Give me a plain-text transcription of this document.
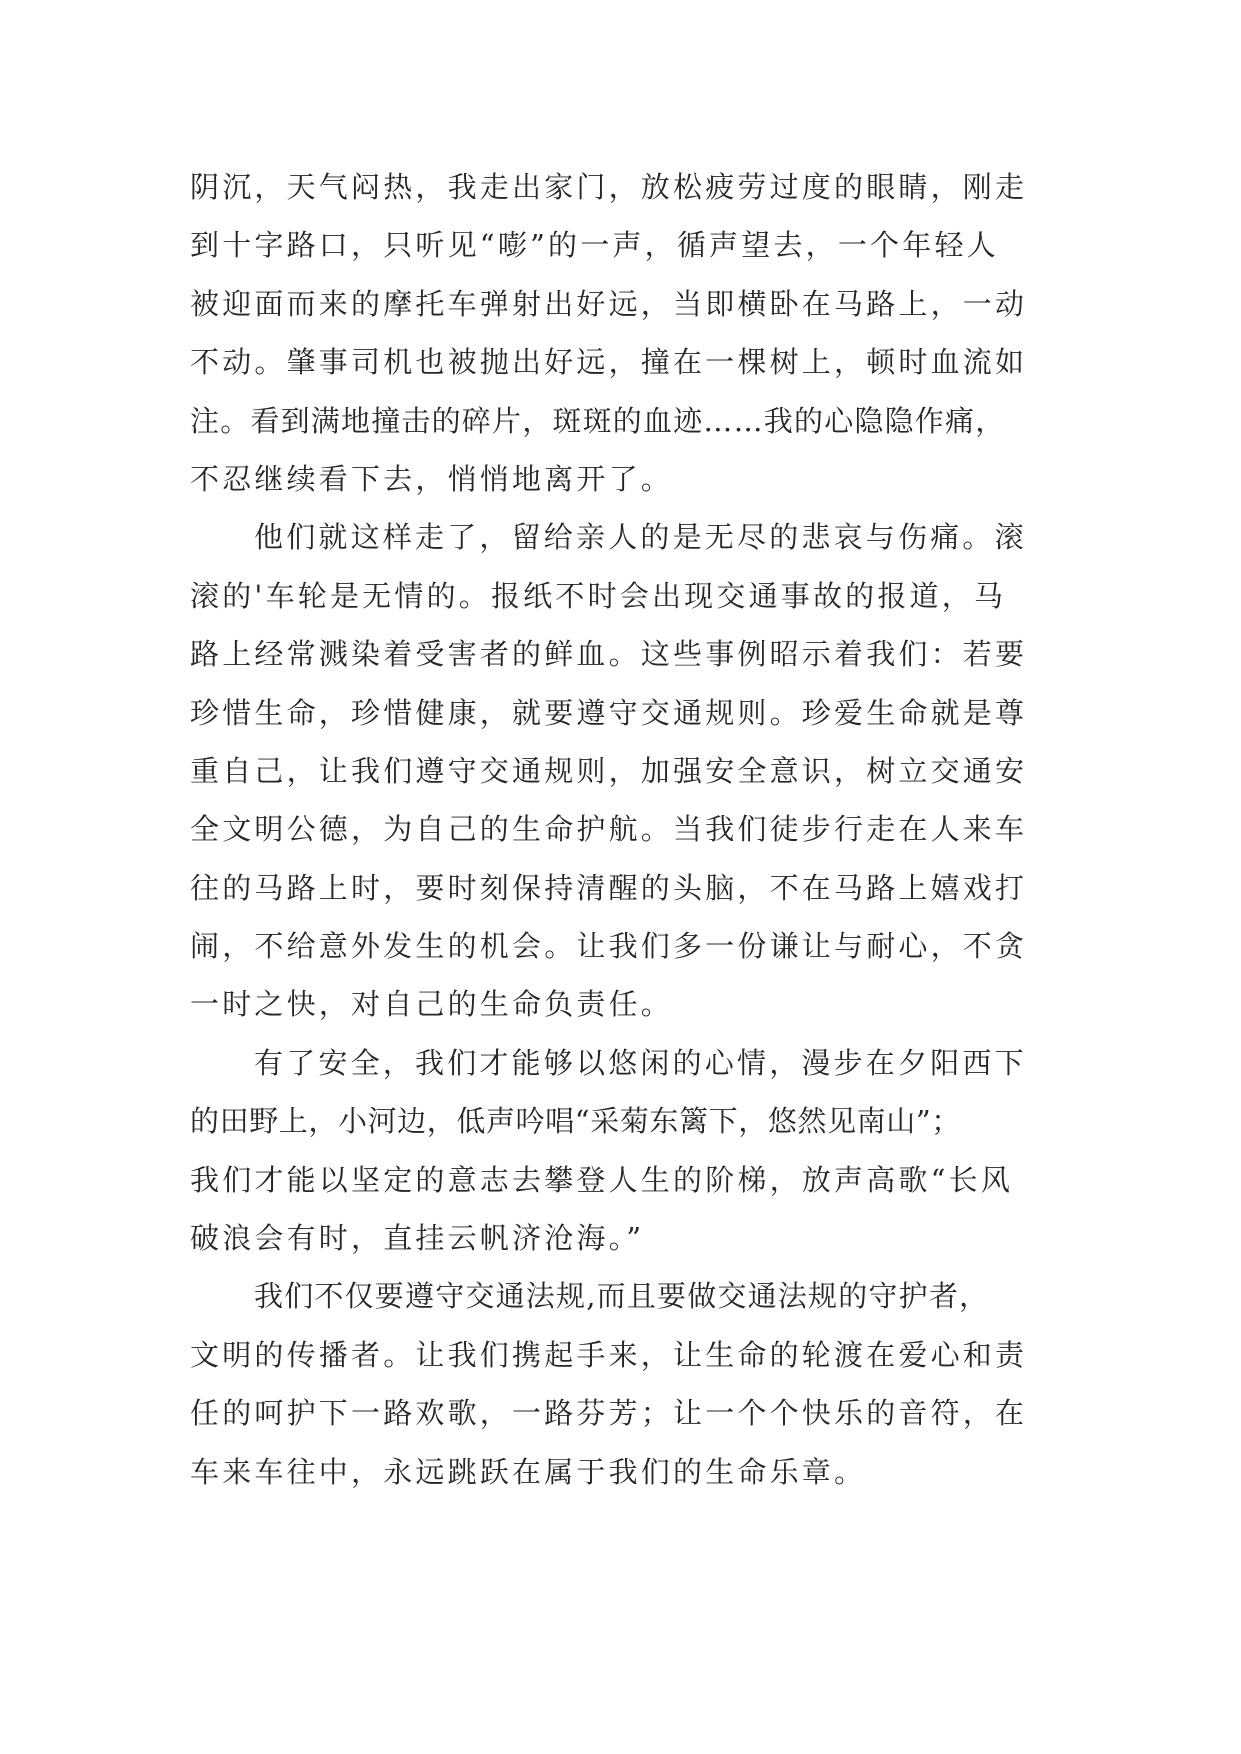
阴沉，天气闷热，我走出家门，放松疲劳过度的眼睛，刚走
到十字路口，只听见“嘭”的一声，循声望去，一个年轻人
被迎面而来的摩托车弹射出好远，当即横卧在马路上，一动
不动。肇事司机也被抛出好远，撞在一棵树上，顿时血流如
注。看到满地撞击的碎片，斑斑的血迹……我的心隐隐作痛，
不忍继续看下去，悄悄地离开了。
他们就这样走了，留给亲人的是无尽的悲哀与伤痛。滚
滚的'车轮是无情的。报纸不时会出现交通事故的报道，马
路上经常溅染着受害者的鲜血。这些事例昭示着我们：若要
珍惜生命，珍惜健康，就要遵守交通规则。珍爱生命就是尊
重自己，让我们遵守交通规则，加强安全意识，树立交通安
全文明公德，为自己的生命护航。当我们徒步行走在人来车
往的马路上时，要时刻保持清醒的头脑，不在马路上嬉戏打
闹，不给意外发生的机会。让我们多一份谦让与耐心，不贪
一时之快，对自己的生命负责任。
有了安全，我们才能够以悠闲的心情，漫步在夕阳西下
的田野上，小河边，低声吟唱“采菊东篱下，悠然见南山”；
我们才能以坚定的意志去攀登人生的阶梯，放声高歌“长风
破浪会有时，直挂云帆济沧海。”
我们不仅要遵守交通法规,而且要做交通法规的守护者，
文明的传播者。让我们携起手来，让生命的轮渡在爱心和责
任的呵护下一路欢歌，一路芬芳；让一个个快乐的音符，在
车来车往中，永远跳跃在属于我们的生命乐章。
